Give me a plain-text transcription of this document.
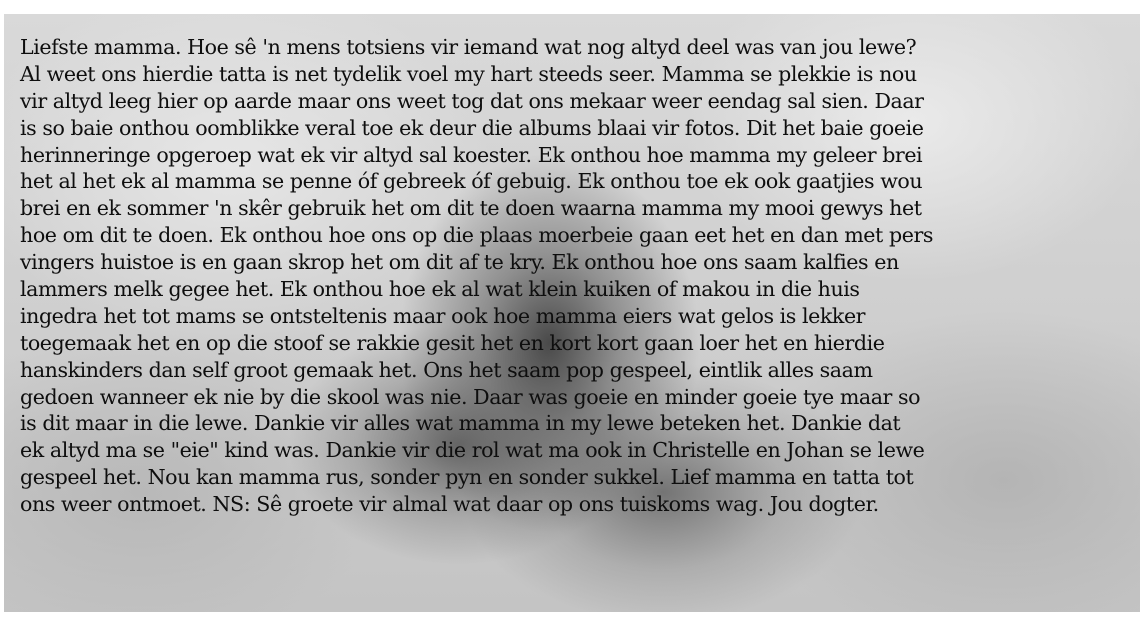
Liefste mamma. Hoe sê 'n mens totsiens vir iemand wat nog altyd deel was van jou lewe?
Al weet ons hierdie tatta is net tydelik voel my hart steeds seer. Mamma se plekkie is nou
vir altyd leeg hier op aarde maar ons weet tog dat ons mekaar weer eendag sal sien. Daar
is so baie onthou oomblikke veral toe ek deur die albums blaai vir fotos. Dit het baie goeie
herinneringe opgeroep wat ek vir altyd sal koester. Ek onthou hoe mamma my geleer brei
het al het ek al mamma se penne óf gebreek óf gebuig. Ek onthou toe ek ook gaatjies wou
brei en ek sommer 'n skêr gebruik het om dit te doen waarna mamma my mooi gewys het
hoe om dit te doen. Ek onthou hoe ons op die plaas moerbeie gaan eet het en dan met pers
vingers huistoe is en gaan skrop het om dit af te kry. Ek onthou hoe ons saam kalfies en
lammers melk gegee het. Ek onthou hoe ek al wat klein kuiken of makou in die huis
ingedra het tot mams se ontsteltenis maar ook hoe mamma eiers wat gelos is lekker
toegemaak het en op die stoof se rakkie gesit het en kort kort gaan loer het en hierdie
hanskinders dan self groot gemaak het. Ons het saam pop gespeel, eintlik alles saam
gedoen wanneer ek nie by die skool was nie. Daar was goeie en minder goeie tye maar so
is dit maar in die lewe. Dankie vir alles wat mamma in my lewe beteken het. Dankie dat
ek altyd ma se "eie" kind was. Dankie vir die rol wat ma ook in Christelle en Johan se lewe
gespeel het. Nou kan mamma rus, sonder pyn en sonder sukkel. Lief mamma en tatta tot
ons weer ontmoet. NS: Sê groete vir almal wat daar op ons tuiskoms wag. Jou dogter.
